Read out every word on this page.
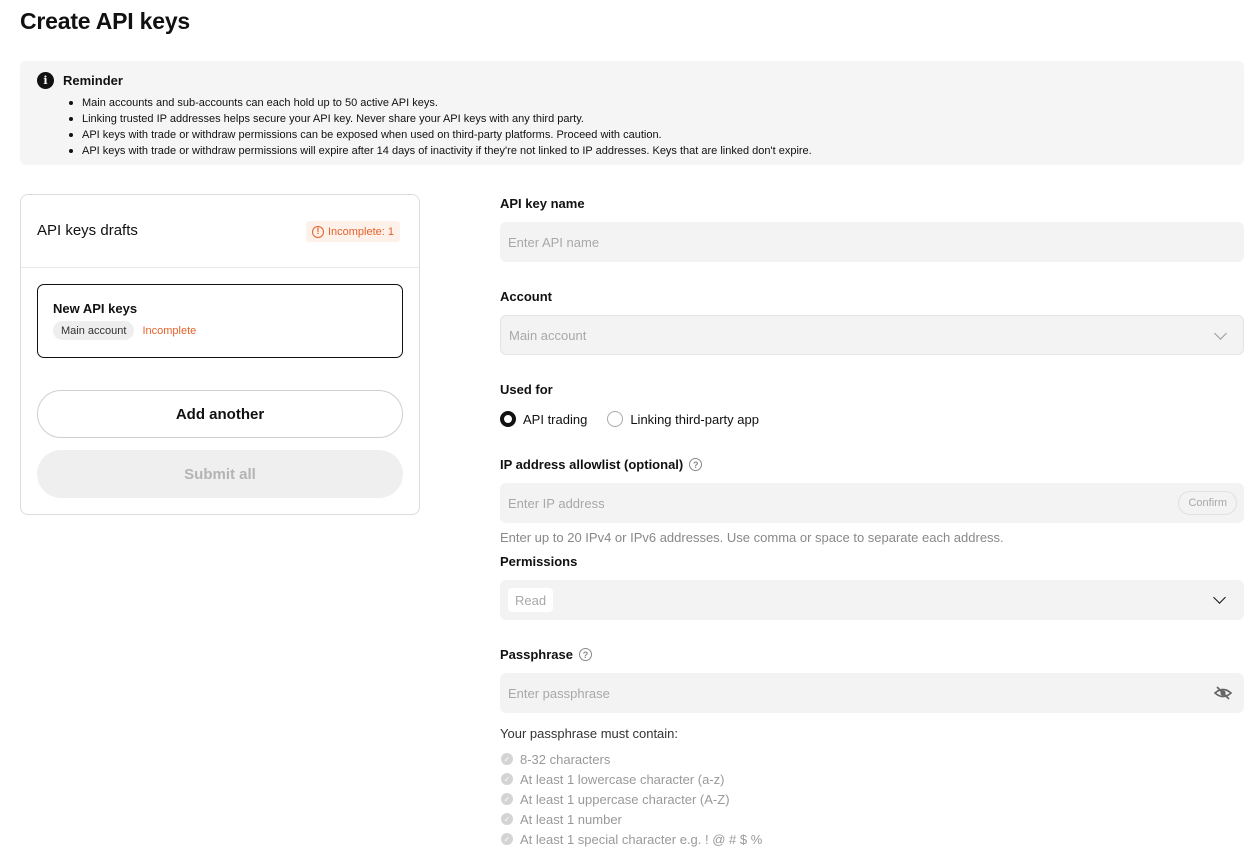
Create API keys
i	Reminder
Main accounts and sub-accounts can each hold up to 50 active API keys.
Linking trusted IP addresses helps secure your API key. Never share your API keys with any third party.
API keys with trade or withdraw permissions can be exposed when used on third-party platforms. Proceed with caution.
API keys with trade or withdraw permissions will expire after 14 days of inactivity if they're not linked to IP addresses. Keys that are linked don't expire.
API keys drafts	! Incomplete: 1
New API keys
Main account	Incomplete
Add another
Submit all
API key name
Enter API name
Account
Main account
Used for
API trading	Linking third-party app
IP address allowlist (optional)	?
Enter IP address	Confirm
Enter up to 20 IPv4 or IPv6 addresses. Use comma or space to separate each address.
Permissions
Read
Passphrase	?
Enter passphrase
Your passphrase must contain:
✓ 8-32 characters
✓ At least 1 lowercase character (a-z)
✓ At least 1 uppercase character (A-Z)
✓ At least 1 number
✓ At least 1 special character e.g. ! @ # $ %
